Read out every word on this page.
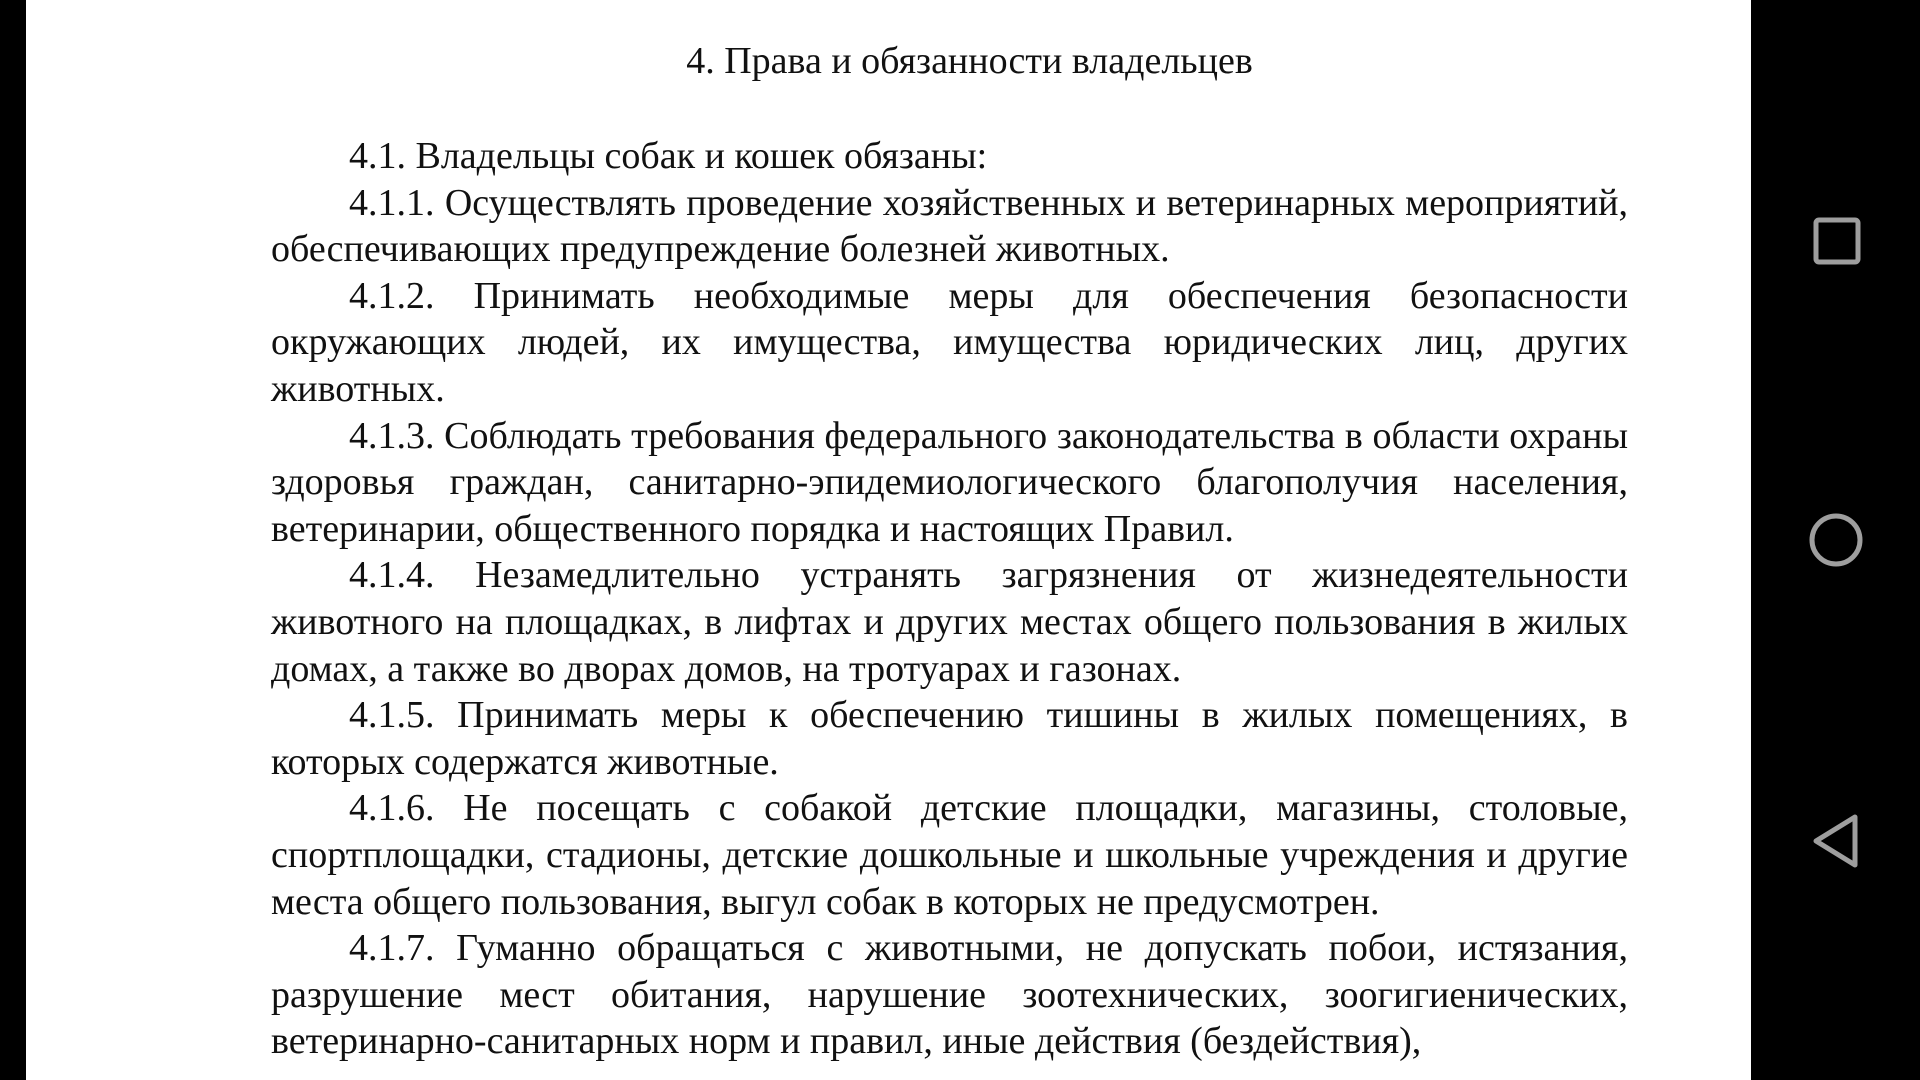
4. Права и обязанности владельцев

4.1. Владельцы собак и кошек обязаны:

4.1.1. Осуществлять проведение хозяйственных и ветеринарных мероприятий, обеспечивающих предупреждение болезней животных.

4.1.2. Принимать необходимые меры для обеспечения безопасности окружающих людей, их имущества, имущества юридических лиц, других животных.

4.1.3. Соблюдать требования федерального законодательства в области охраны здоровья граждан, санитарно-эпидемиологического благополучия населения, ветеринарии, общественного порядка и настоящих Правил.

4.1.4. Незамедлительно устранять загрязнения от жизнедеятельности животного на площадках, в лифтах и других местах общего пользования в жилых домах, а также во дворах домов, на тротуарах и газонах.

4.1.5. Принимать меры к обеспечению тишины в жилых помещениях, в которых содержатся животные.

4.1.6. Не посещать с собакой детские площадки, магазины, столовые, спортплощадки, стадионы, детские дошкольные и школьные учреждения и другие места общего пользования, выгул собак в которых не предусмотрен.

4.1.7. Гуманно обращаться с животными, не допускать побои, истязания, разрушение мест обитания, нарушение зоотехнических, зоогигиенических, ветеринарно-санитарных норм и правил, иные действия (бездействия),
